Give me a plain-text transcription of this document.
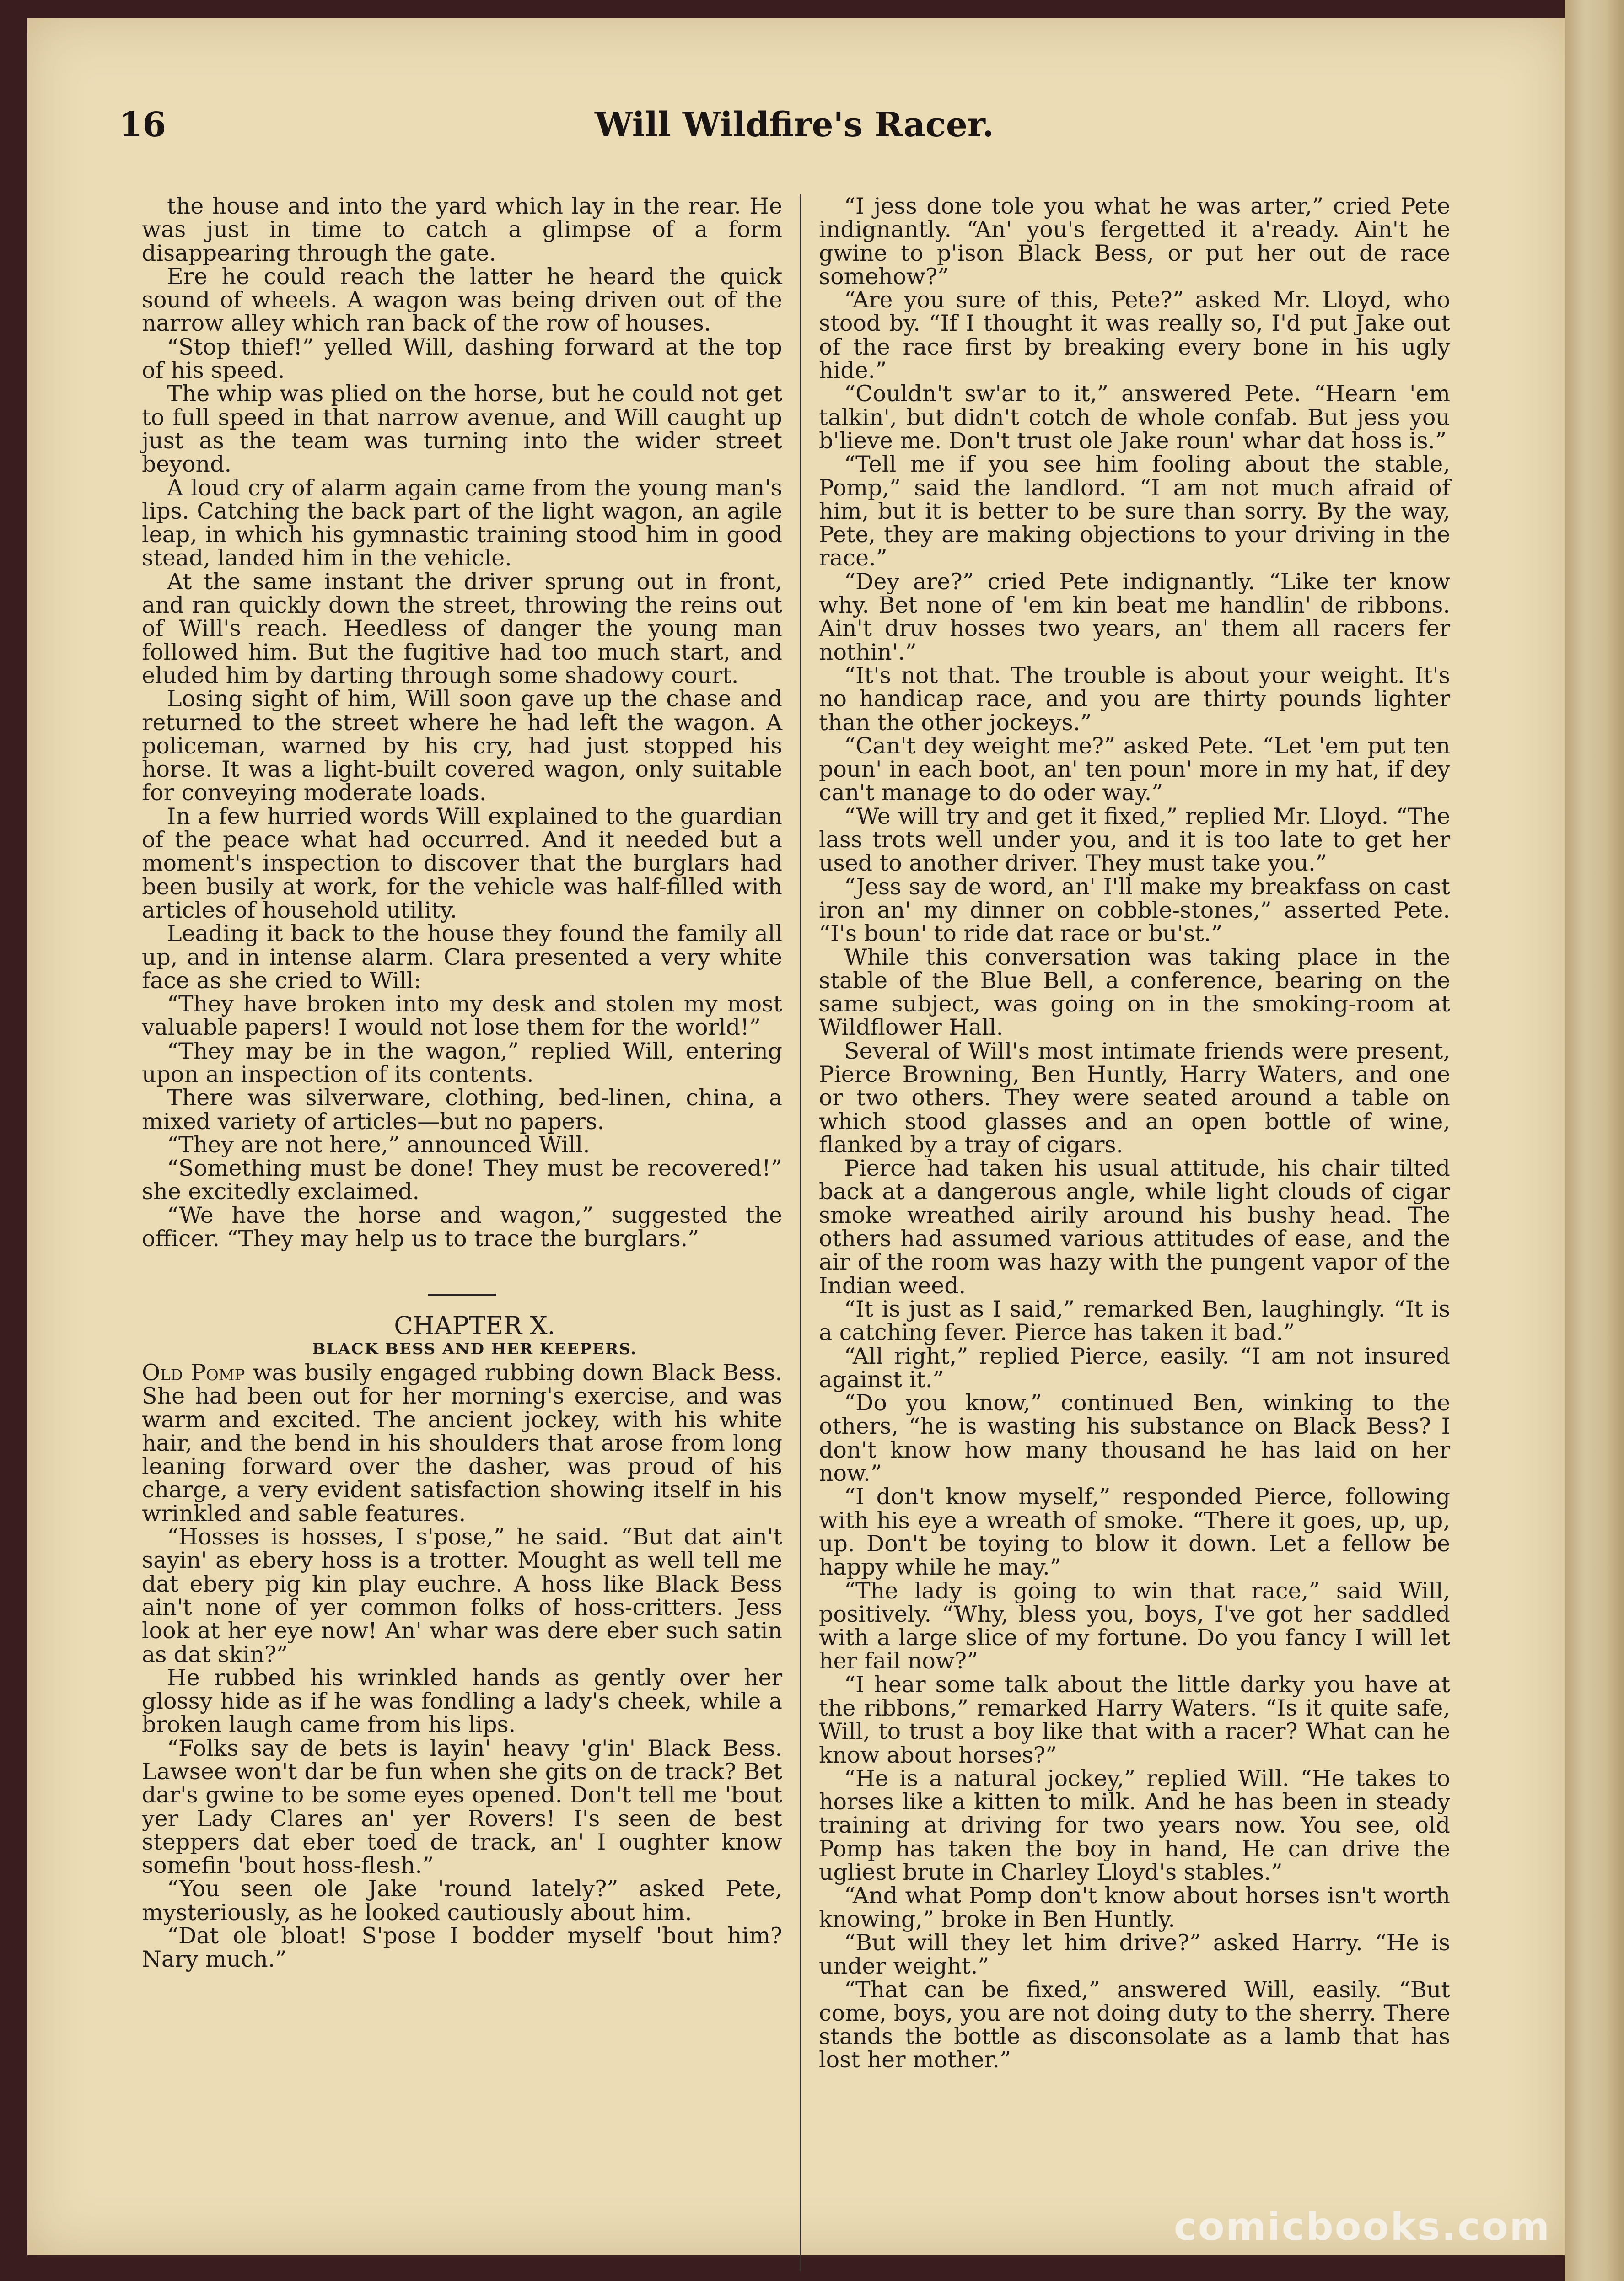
16	Will Wildfire's Racer.

the house and into the yard which lay in the rear. He was just in time to catch a glimpse of a form disappearing through the gate.

Ere he could reach the latter he heard the quick sound of wheels. A wagon was being driven out of the narrow alley which ran back of the row of houses.

“Stop thief!” yelled Will, dashing forward at the top of his speed.

The whip was plied on the horse, but he could not get to full speed in that narrow avenue, and Will caught up just as the team was turning into the wider street beyond.

A loud cry of alarm again came from the young man's lips. Catching the back part of the light wagon, an agile leap, in which his gymnastic training stood him in good stead, landed him in the vehicle.

At the same instant the driver sprung out in front, and ran quickly down the street, throwing the reins out of Will's reach. Heedless of danger the young man followed him. But the fugitive had too much start, and eluded him by darting through some shadowy court.

Losing sight of him, Will soon gave up the chase and returned to the street where he had left the wagon. A policeman, warned by his cry, had just stopped his horse. It was a light-built covered wagon, only suitable for conveying moderate loads.

In a few hurried words Will explained to the guardian of the peace what had occurred. And it needed but a moment's inspection to discover that the burglars had been busily at work, for the vehicle was half-filled with articles of household utility.

Leading it back to the house they found the family all up, and in intense alarm. Clara presented a very white face as she cried to Will:

“They have broken into my desk and stolen my most valuable papers! I would not lose them for the world!”

“They may be in the wagon,” replied Will, entering upon an inspection of its contents.

There was silverware, clothing, bed-linen, china, a mixed variety of articles—but no papers.

“They are not here,” announced Will.

“Something must be done! They must be recovered!” she excitedly exclaimed.

“We have the horse and wagon,” suggested the officer. “They may help us to trace the burglars.”

CHAPTER X.

BLACK BESS AND HER KEEPERS.

Old Pomp was busily engaged rubbing down Black Bess. She had been out for her morning's exercise, and was warm and excited. The ancient jockey, with his white hair, and the bend in his shoulders that arose from long leaning forward over the dasher, was proud of his charge, a very evident satisfaction showing itself in his wrinkled and sable features.

“Hosses is hosses, I s'pose,” he said. “But dat ain't sayin' as ebery hoss is a trotter. Mought as well tell me dat ebery pig kin play euchre. A hoss like Black Bess ain't none of yer common folks of hoss-critters. Jess look at her eye now! An' whar was dere eber such satin as dat skin?”

He rubbed his wrinkled hands as gently over her glossy hide as if he was fondling a lady's cheek, while a broken laugh came from his lips.

“Folks say de bets is layin' heavy 'g'in' Black Bess. Lawsee won't dar be fun when she gits on de track? Bet dar's gwine to be some eyes opened. Don't tell me 'bout yer Lady Clares an' yer Rovers! I's seen de best steppers dat eber toed de track, an' I oughter know somefin 'bout hoss-flesh.”

“You seen ole Jake 'round lately?” asked Pete, mysteriously, as he looked cautiously about him.

“Dat ole bloat! S'pose I bodder myself 'bout him? Nary much.”

“I jess done tole you what he was arter,” cried Pete indignantly. “An' you's fergetted it a'ready. Ain't he gwine to p'ison Black Bess, or put her out de race somehow?”

“Are you sure of this, Pete?” asked Mr. Lloyd, who stood by. “If I thought it was really so, I'd put Jake out of the race first by breaking every bone in his ugly hide.”

“Couldn't sw'ar to it,” answered Pete. “Hearn 'em talkin', but didn't cotch de whole confab. But jess you b'lieve me. Don't trust ole Jake roun' whar dat hoss is.”

“Tell me if you see him fooling about the stable, Pomp,” said the landlord. “I am not much afraid of him, but it is better to be sure than sorry. By the way, Pete, they are making objections to your driving in the race.”

“Dey are?” cried Pete indignantly. “Like ter know why. Bet none of 'em kin beat me handlin' de ribbons. Ain't druv hosses two years, an' them all racers fer nothin'.”

“It's not that. The trouble is about your weight. It's no handicap race, and you are thirty pounds lighter than the other jockeys.”

“Can't dey weight me?” asked Pete. “Let 'em put ten poun' in each boot, an' ten poun' more in my hat, if dey can't manage to do oder way.”

“We will try and get it fixed,” replied Mr. Lloyd. “The lass trots well under you, and it is too late to get her used to another driver. They must take you.”

“Jess say de word, an' I'll make my breakfass on cast iron an' my dinner on cobble-stones,” asserted Pete. “I's boun' to ride dat race or bu'st.”

While this conversation was taking place in the stable of the Blue Bell, a conference, bearing on the same subject, was going on in the smoking-room at Wildflower Hall.

Several of Will's most intimate friends were present, Pierce Browning, Ben Huntly, Harry Waters, and one or two others. They were seated around a table on which stood glasses and an open bottle of wine, flanked by a tray of cigars.

Pierce had taken his usual attitude, his chair tilted back at a dangerous angle, while light clouds of cigar smoke wreathed airily around his bushy head. The others had assumed various attitudes of ease, and the air of the room was hazy with the pungent vapor of the Indian weed.

“It is just as I said,” remarked Ben, laughingly. “It is a catching fever. Pierce has taken it bad.”

“All right,” replied Pierce, easily. “I am not insured against it.”

“Do you know,” continued Ben, winking to the others, “he is wasting his substance on Black Bess? I don't know how many thousand he has laid on her now.”

“I don't know myself,” responded Pierce, following with his eye a wreath of smoke. “There it goes, up, up, up. Don't be toying to blow it down. Let a fellow be happy while he may.”

“The lady is going to win that race,” said Will, positively. “Why, bless you, boys, I've got her saddled with a large slice of my fortune. Do you fancy I will let her fail now?”

“I hear some talk about the little darky you have at the ribbons,” remarked Harry Waters. “Is it quite safe, Will, to trust a boy like that with a racer? What can he know about horses?”

“He is a natural jockey,” replied Will. “He takes to horses like a kitten to milk. And he has been in steady training at driving for two years now. You see, old Pomp has taken the boy in hand, He can drive the ugliest brute in Charley Lloyd's stables.”

“And what Pomp don't know about horses isn't worth knowing,” broke in Ben Huntly.

“But will they let him drive?” asked Harry. “He is under weight.”

“That can be fixed,” answered Will, easily. “But come, boys, you are not doing duty to the sherry. There stands the bottle as disconsolate as a lamb that has lost her mother.”

comicbooks.com
